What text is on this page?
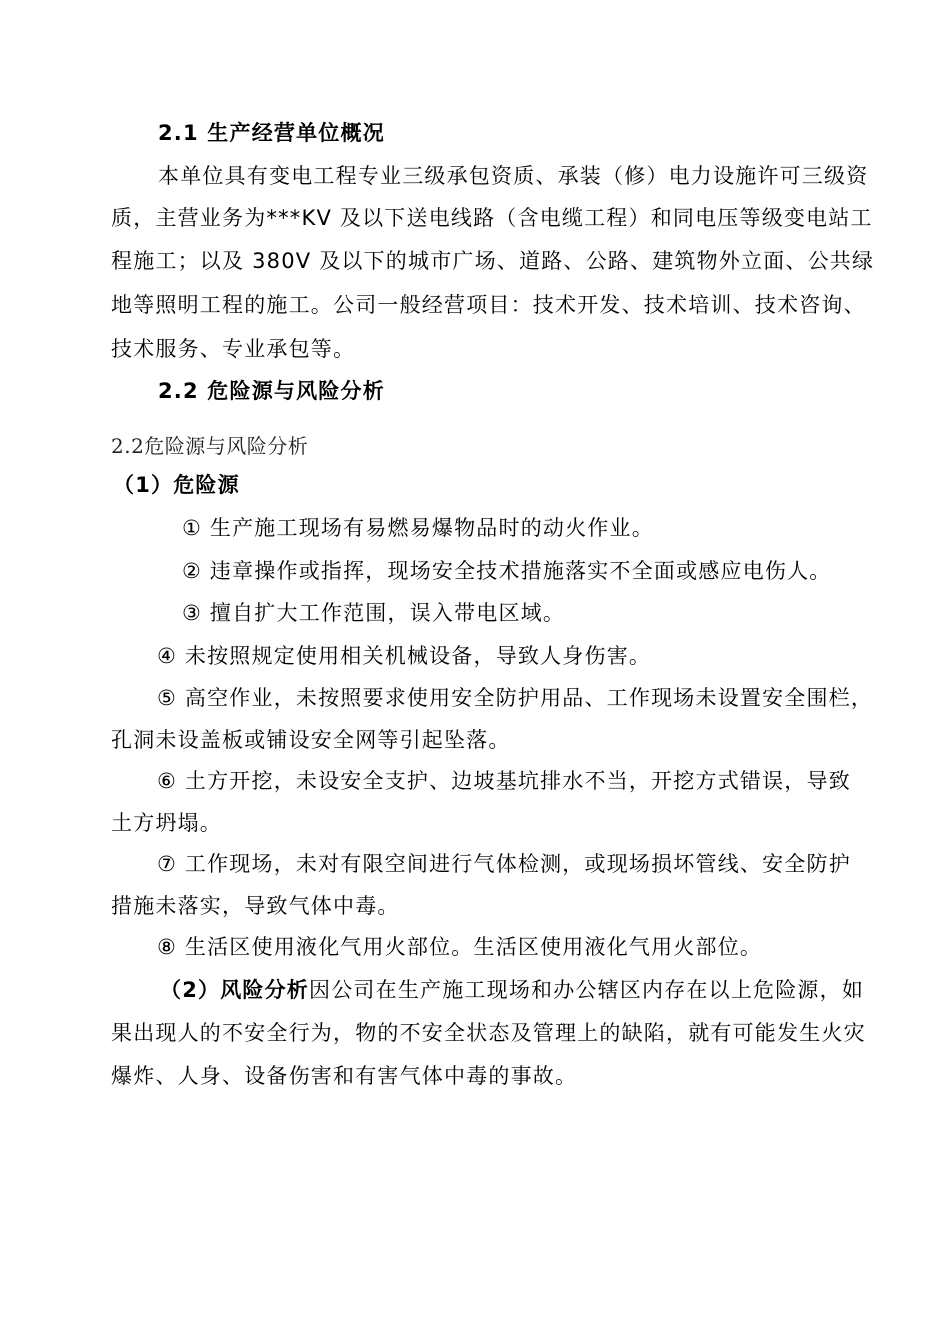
2.1 生产经营单位概况
本单位具有变电工程专业三级承包资质、承装（修）电力设施许可三级资
质，主营业务为***KV 及以下送电线路（含电缆工程）和同电压等级变电站工
程施工；以及 380V 及以下的城市广场、道路、公路、建筑物外立面、公共绿
地等照明工程的施工。公司一般经营项目：技术开发、技术培训、技术咨询、
技术服务、专业承包等。
2.2 危险源与风险分析
2.2危险源与风险分析
（1）危险源
① 生产施工现场有易燃易爆物品时的动火作业。
② 违章操作或指挥，现场安全技术措施落实不全面或感应电伤人。
③ 擅自扩大工作范围，误入带电区域。
④ 未按照规定使用相关机械设备，导致人身伤害。
⑤ 高空作业，未按照要求使用安全防护用品、工作现场未设置安全围栏，
孔洞未设盖板或铺设安全网等引起坠落。
⑥ 土方开挖，未设安全支护、边坡基坑排水不当，开挖方式错误，导致
土方坍塌。
⑦ 工作现场，未对有限空间进行气体检测，或现场损坏管线、安全防护
措施未落实，导致气体中毒。
⑧ 生活区使用液化气用火部位。生活区使用液化气用火部位。
（2）风险分析因公司在生产施工现场和办公辖区内存在以上危险源，如
果出现人的不安全行为，物的不安全状态及管理上的缺陷，就有可能发生火灾
爆炸、人身、设备伤害和有害气体中毒的事故。
